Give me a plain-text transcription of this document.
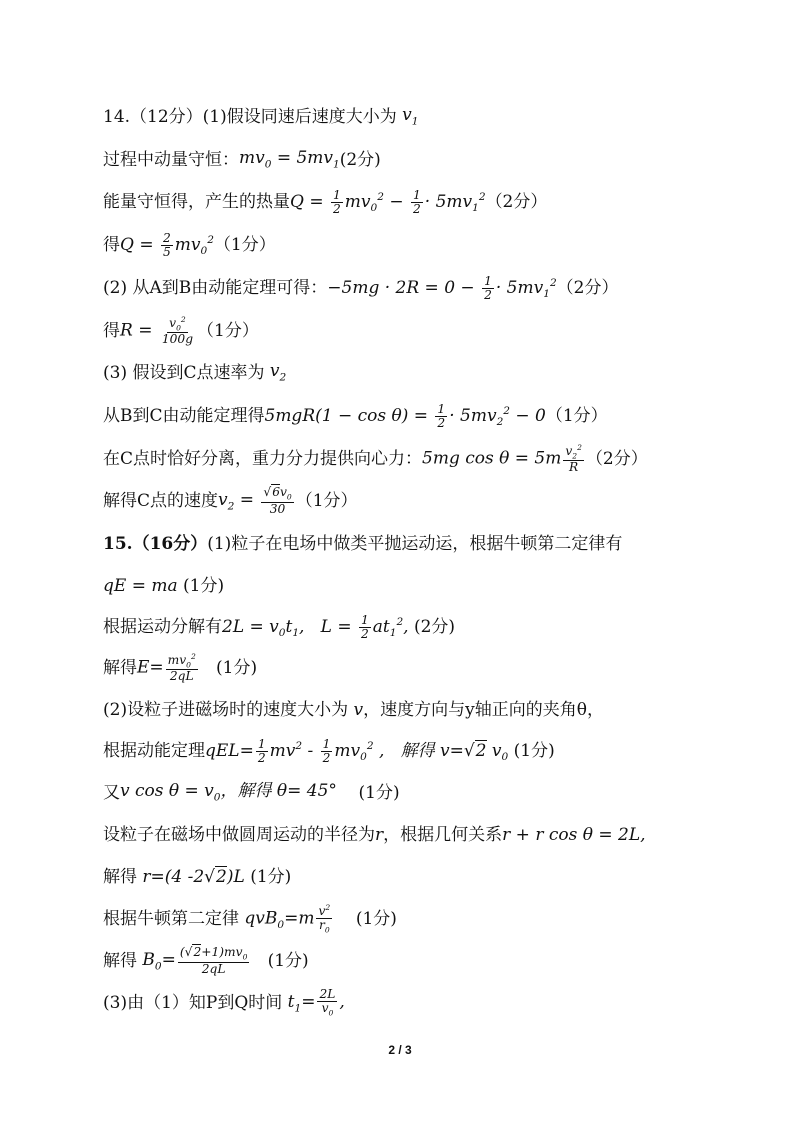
14.（12分）(1)假设同速后速度大小为 $v_1$
过程中动量守恒： $mv_0 = 5mv_1$ (2分)
能量守恒得，产生的热量 $Q = \frac{1}{2} mv_0^2 - \frac{1}{2} \cdot 5mv_1^2$ （2分）
得 $Q = \frac{2}{5} mv_0^2$ （1分）
(2) 从A到B由动能定理可得： $-5mg \cdot 2R = 0 - \frac{1}{2} \cdot 5mv_1^2$ （2分）
得 $R = \frac{v_0^2}{100g} (1$分）
(3) 假设到C点速率为 $v_2$
从B到C由动能定理得 $5mgR(1 - \cos \theta) = \frac{1}{2} \cdot 5mv_2^2 - 0$ （1分）
在C点时恰好分离，重力分力提供向心力： 5mg $\cos \theta = 5m \frac{v_2^2}{R} (2$分）
解得C点的速度 $v_2 = \frac{√6v_0}{30} (1$分）
15.（16分） (1)粒子在电场中做类平抛运动运，根据牛顿第二定律有
qE = ma (1分)
根据运动分解有 $2L = v_0t_1$,   $L = \frac{1}{2} at_1^2$, (2分)
解得 $E= \frac{mv_0^2}{2qL}$
(1分)
(2)设粒子进磁场时的速度大小为 v ，速度方向与y轴正向的夹角θ，
根据动能定理 $qEL= \frac{1}{2} mv^2 - \frac{1}{2} mv_0^2$ ,   解得 v=√2 $v_0$ (1分)
又 v $\cos \theta = v_0$，解得 θ= 45° (1分)
设粒子在磁场中做圆周运动的半径为 r ，根据几何关系 r + r cos θ = 2L,
解得 r=(4 -2√2)L (1分)
根据牛顿第二定律 $qvB_0=m \frac{v^2}{r_0}$
(1分)
解得 $B_0= \frac{(√2+1)mv_0}{2qL}$
(1分)
(3)由（1）知P到Q时间 $t_1= \frac{2L}{v_0}$ ,
2 / 3
